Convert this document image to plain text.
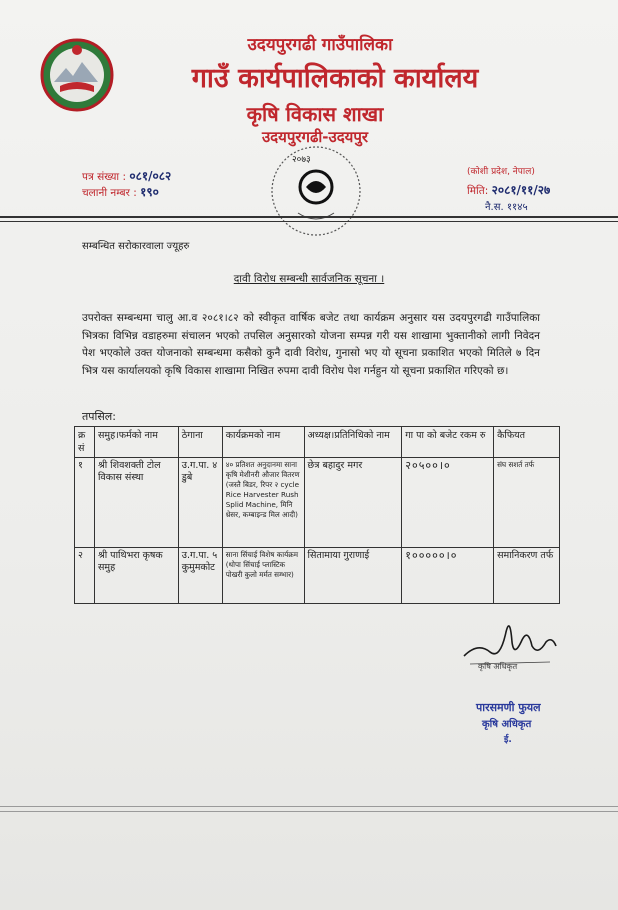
उदयपुरगढी गाउँपालिका
गाउँ कार्यपालिकाको कार्यालय
कृषि विकास शाखा
उदयपुरगढी-उदयपुर
२०७३
पत्र संख्या : ०८१/०८२
चलानी नम्बर : १९०
(कोशी प्रदेश, नेपाल)
मिति: २०८१/११/२७
नै.स. ११४५
सम्बन्धित सरोकारवाला ज्यूहरु
दावी विरोध सम्बन्धी सार्वजनिक सूचना ।
उपरोक्त सम्बन्धमा चालु आ.व २०८१।८२ को स्वीकृत वार्षिक बजेट तथा कार्यक्रम अनुसार यस उदयपुरगढी गाउँपालिका भित्रका विभिन्न वडाहरुमा संचालन भएको तपसिल अनुसारको योजना सम्पन्न गरी यस शाखामा भुक्तानीको लागी निवेदन पेश भएकोले उक्त योजनाको सम्बन्धमा कसैको कुनै दावी विरोध, गुनासो भए यो सूचना प्रकाशित भएको मितिले ७ दिन भित्र यस कार्यालयको कृषि विकास शाखामा निखित रुपमा दावी विरोध पेश गर्नहुन यो सूचना प्रकाशित गरिएको छ।
तपसिल:
क्र सं	समुह।फर्मको नाम	ठेगाना	कार्यक्रमको नाम	अध्यक्ष।प्रतिनिधिको नाम	गा पा को बजेट रकम रु	कैफियत
१	श्री शिवशक्ती टोल विकास संस्था	उ.ग.पा. ४ डुबे	४० प्रतिशत अनुदानमा साना कृषि मेशीनरी औजार वितरण (जस्तै बिडर, रिपर २ cycle Rice Harvester Rush Splid Machine, मिनि थ्रेसर, कम्बाइन्ड मिल आदी)	छेत्र बहादुर मगर	२०५००।०	संघ सशर्त तर्फ
२	श्री पाथिभरा कृषक समुह	उ.ग.पा. ५ कुमुमकोट	साना सिंचाई विशेष कार्यक्रम (थोपा सिंचाई प्लास्टिक पोखरी कुलो मर्मत सम्भार)	सितामाया गुराणाई	१०००००।०	समानिकरण तर्फ
कृषि अधिकृत
पारसमणी फुयल
कृषि अधिकृत
ई.
